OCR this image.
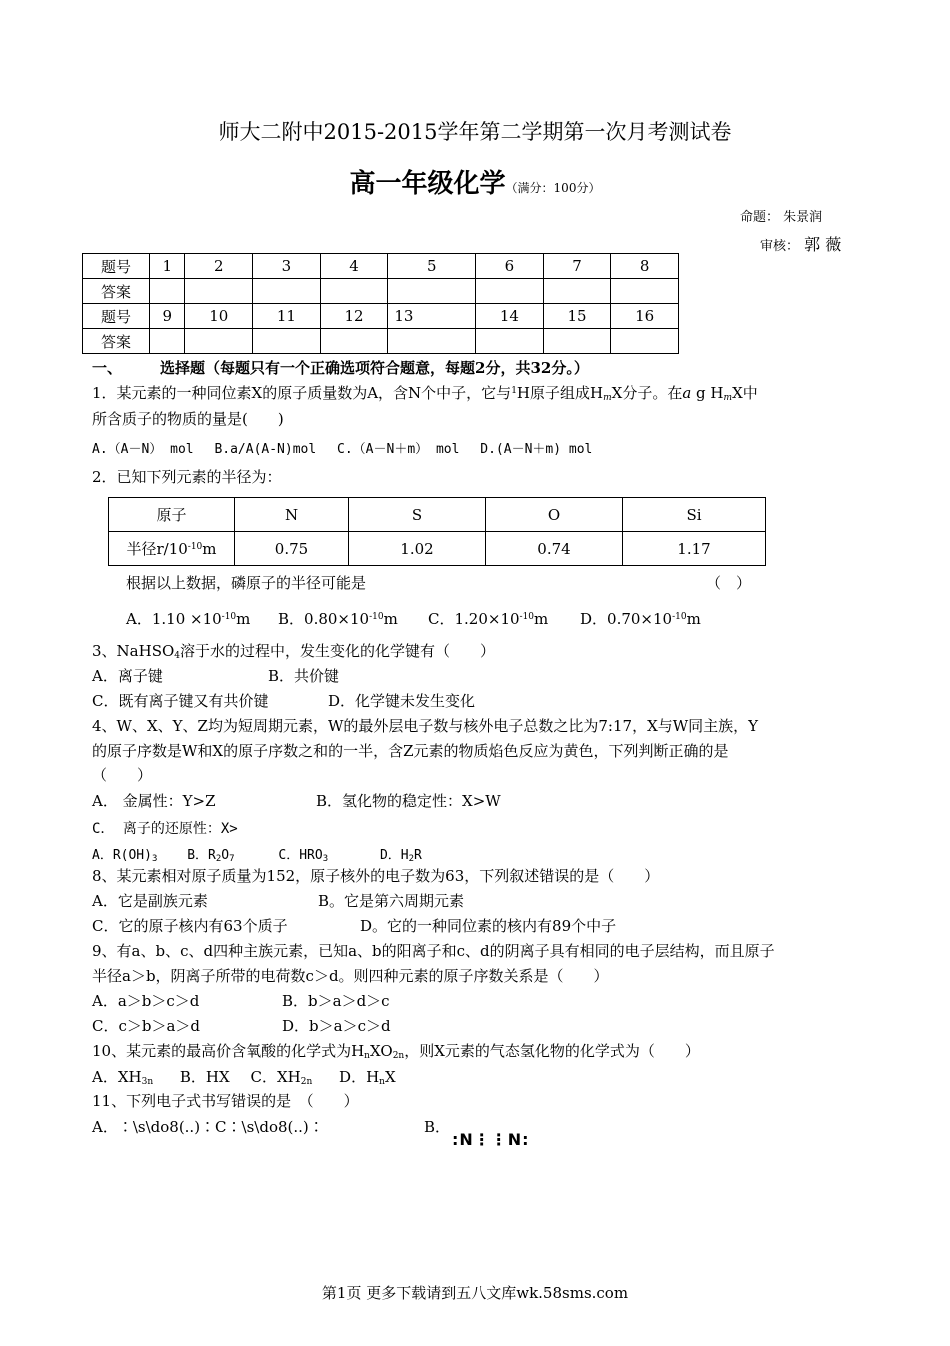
师大二附中2015-2015学年第二学期第一次月考测试卷
高一年级化学（满分：100分）
命题： 朱景润
审核： 郭 薇
题号	1	2	3	4	5	6	7	8
答案								
题号	9	10	11	12	13	14	15	16
答案								
一、	选择题（每题只有一个正确选项符合题意，每题2分，共32分。）
1．某元素的一种同位素X的原子质量数为A，含N个中子，它与$^1$H原子组成$H_mX$分子。在a g $H_mX$中
所含质子的物质的量是(　　)
A.（A－N） mol　 B.a/A(A-N)mol　 C.（A－N＋m） mol　 D.(A－N＋m) mol
2．已知下列元素的半径为：
原子	N	S	O	Si
半径$r/10^{-10}m$	0.75	1.02	0.74	1.17
根据以上数据，磷原子的半径可能是	（　）
A．$1.10 \times 10^{-10}m$ B．$0.80\times 10^{-10}m$ C．$1.20\times 10^{-10}m$ D．$0.70\times 10^{-10}m$
3、NaHSO$_4$溶于水的过程中，发生变化的化学键有（　　）
A．离子键	B．共价键
C．既有离子键又有共价键	D．化学键未发生变化
4、W、X、Y、Z均为短周期元素，W的最外层电子数与核外电子总数之比为7:17，X与W同主族，Y
的原子序数是W和X的原子序数之和的一半，含Z元素的物质焰色反应为黄色，下列判断正确的是
（　　）
A． 金属性：Y>Z	B．氢化物的稳定性：X>W
C． 离子的还原性：X>
A．$R(OH)_3$ B．$R_2O_7$	C．$HRO_3$	D．$H_2R$
8、某元素相对原子质量为152，原子核外的电子数为63，下列叙述错误的是（　　）
A．它是副族元素	B。它是第六周期元素
C．它的原子核内有63个质子	D。它的一种同位素的核内有89个中子
9、有a、b、c、d四种主族元素，已知a、b的阳离子和c、d的阴离子具有相同的电子层结构，而且原子
半径a＞b，阴离子所带的电荷数c＞d。则四种元素的原子序数关系是（　　）
A．a＞b＞c＞d	B．b＞a＞d＞c
C．c＞b＞a＞d	D．b＞a＞c＞d
10、某元素的最高价含氧酸的化学式为$H_nXO_{2n}$，则X元素的气态氢化物的化学式为（　　）
A．$XH_{3n}$ B．HX C．$XH_{2n}$ D．$H_nX$
11、下列电子式书写错误的是　（　　）
A．∶\s\do8(..)∶C∶\s\do8(..)∶	B．
:N⋮⋮N:
第1页 更多下载请到五八文库wk.58sms.com
